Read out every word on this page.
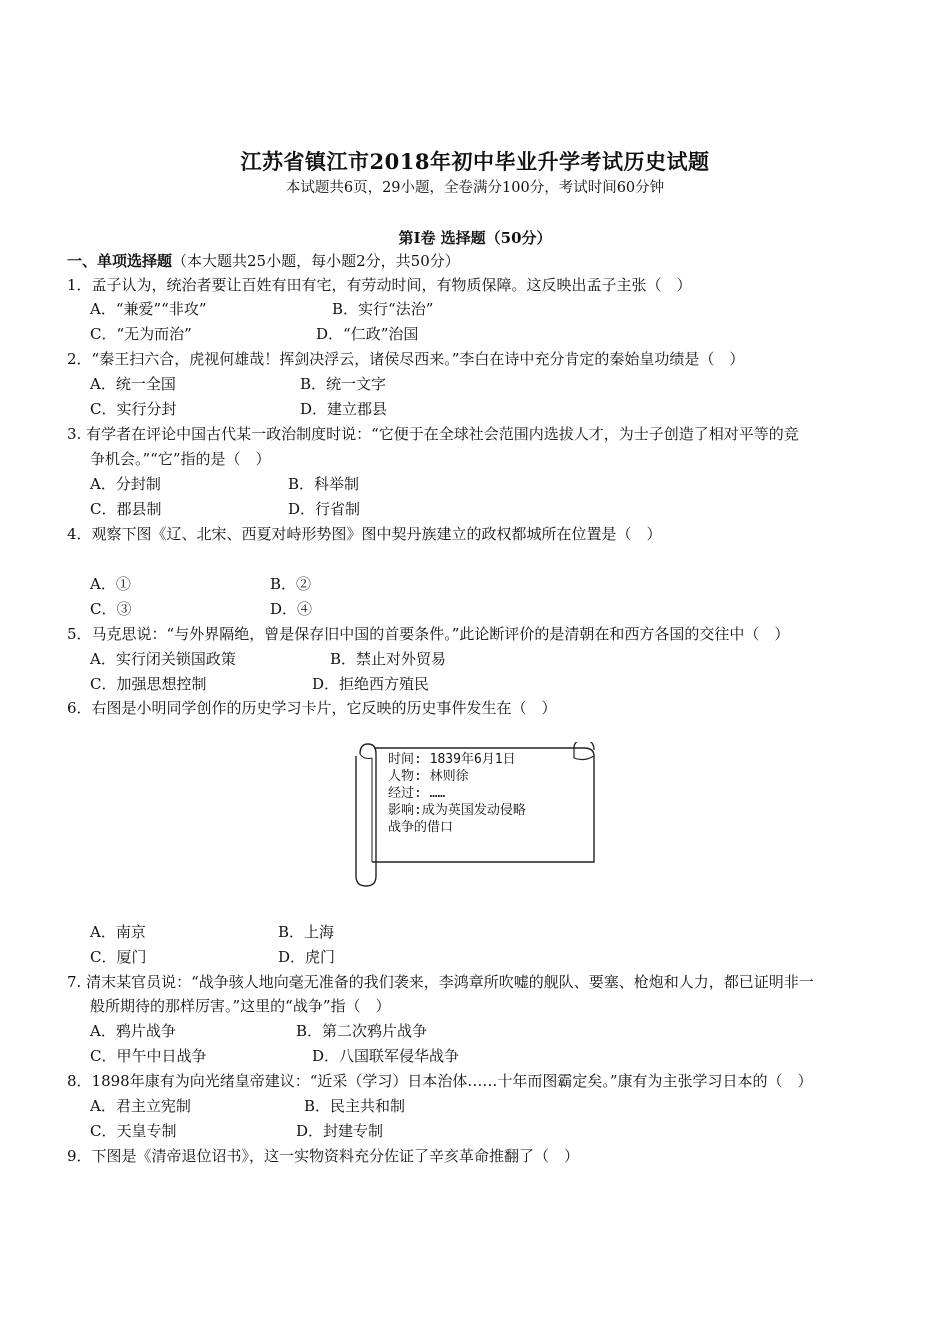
江苏省镇江市2018年初中毕业升学考试历史试题
本试题共6页，29小题，全卷满分100分，考试时间60分钟
第Ⅰ卷 选择题（50分）
一、单项选择题（本大题共25小题，每小题2分，共50分）
1．孟子认为，统治者要让百姓有田有宅，有劳动时间，有物质保障。这反映出孟子主张（　）
A．“兼爱”“非攻”	B．实行“法治”
C．“无为而治”	D．“仁政”治国
2．“秦王扫六合，虎视何雄哉！挥剑决浮云，诸侯尽西来。”李白在诗中充分肯定的秦始皇功绩是（　）
A．统一全国	B．统一文字
C．实行分封	D．建立郡县
3. 有学者在评论中国古代某一政治制度时说：“它便于在全球社会范围内选拔人才，为士子创造了相对平等的竞
争机会。”“它”指的是（　）
A．分封制	B．科举制
C．郡县制	D．行省制
4．观察下图《辽、北宋、西夏对峙形势图》图中契丹族建立的政权都城所在位置是（　）
A．①	B．②
C．③	D．④
5．马克思说：“与外界隔绝，曾是保存旧中国的首要条件。”此论断评价的是清朝在和西方各国的交往中（　）
A．实行闭关锁国政策	B．禁止对外贸易
C．加强思想控制	D．拒绝西方殖民
6．右图是小明同学创作的历史学习卡片，它反映的历史事件发生在（　）
时间: 1839年6月1日
人物: 林则徐
经过: ……
影响:成为英国发动侵略
战争的借口
A．南京	B．上海
C．厦门	D．虎门
7. 清末某官员说：“战争骇人地向毫无准备的我们袭来，李鸿章所吹嘘的舰队、要塞、枪炮和人力，都已证明非一
般所期待的那样厉害。”这里的“战争”指（　）
A．鸦片战争	B．第二次鸦片战争
C．甲午中日战争	D．八国联军侵华战争
8．1898年康有为向光绪皇帝建议：“近采（学习）日本治体……十年而图霸定矣。”康有为主张学习日本的（　）
A．君主立宪制	B．民主共和制
C．天皇专制	D．封建专制
9．下图是《清帝退位诏书》，这一实物资料充分佐证了辛亥革命推翻了（　）
